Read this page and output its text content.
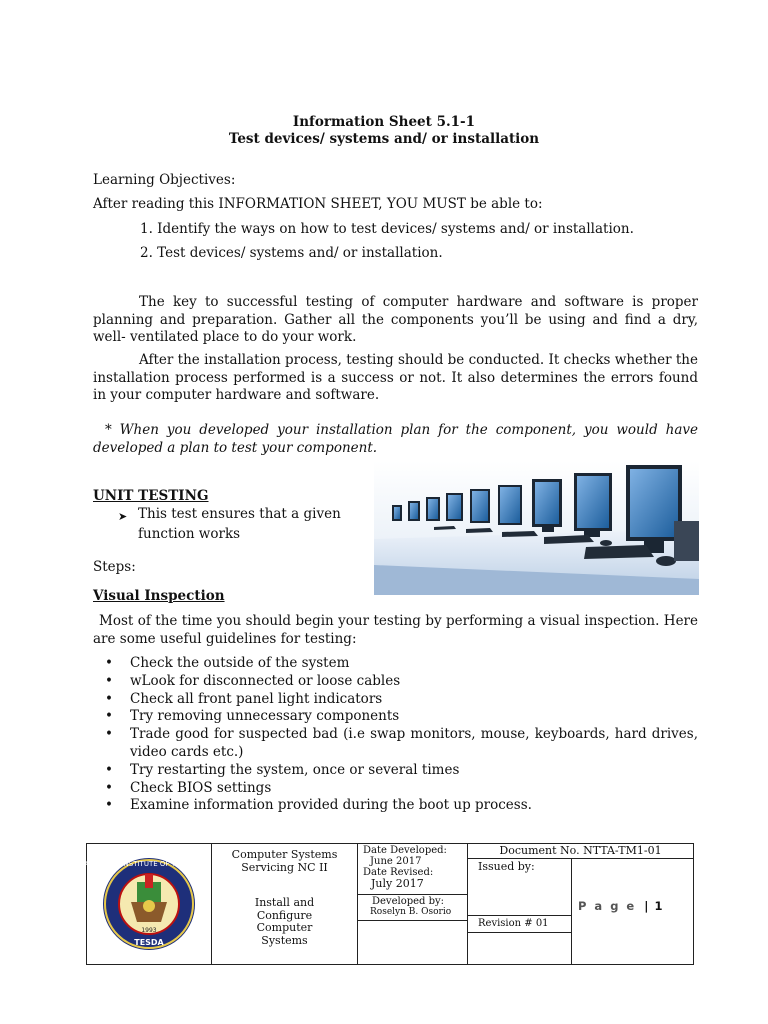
Information Sheet 5.1-1
Test devices/ systems and/ or installation
Learning Objectives:
After reading this INFORMATION SHEET, YOU MUST be able to:
1. Identify the ways on how to test devices/ systems and/ or installation.
2. Test devices/ systems and/ or installation.
The key to successful testing of computer hardware and software is proper planning and preparation. Gather all the components you’ll be using and find a dry, well- ventilated place to do your work.
After the installation process, testing should be conducted. It checks whether the installation process performed is a success or not. It also determines the errors found in your computer hardware and software.
* When you developed your installation plan for the component, you would have developed a plan to test your component.
UNIT TESTING
➤ This test ensures that a given
function works
Steps:
Visual Inspection
Most of the time you should begin your testing by performing a visual inspection. Here are some useful guidelines for testing:
• Check the outside of the system
• wLook for disconnected or loose cables
• Check all front panel light indicators
• Try removing unnecessary components
• Trade good for suspected bad (i.e swap monitors, mouse, keyboards, hard drives, video cards etc.)
• Try restarting the system, once or several times
• Check BIOS settings
• Examine information provided during the boot up process.
NAMBAGAN INSTITUTE OF TECHNOLOGY
TESDA
1993
Computer Systems
Servicing NC II
Install and
Configure
Computer
Systems
Date Developed:
June 2017
Date Revised:
July 2017
Developed by:
Roselyn B. Osorio
Document No. NTTA-TM1-01
Issued by:
Revision # 01
P a g e | 1
